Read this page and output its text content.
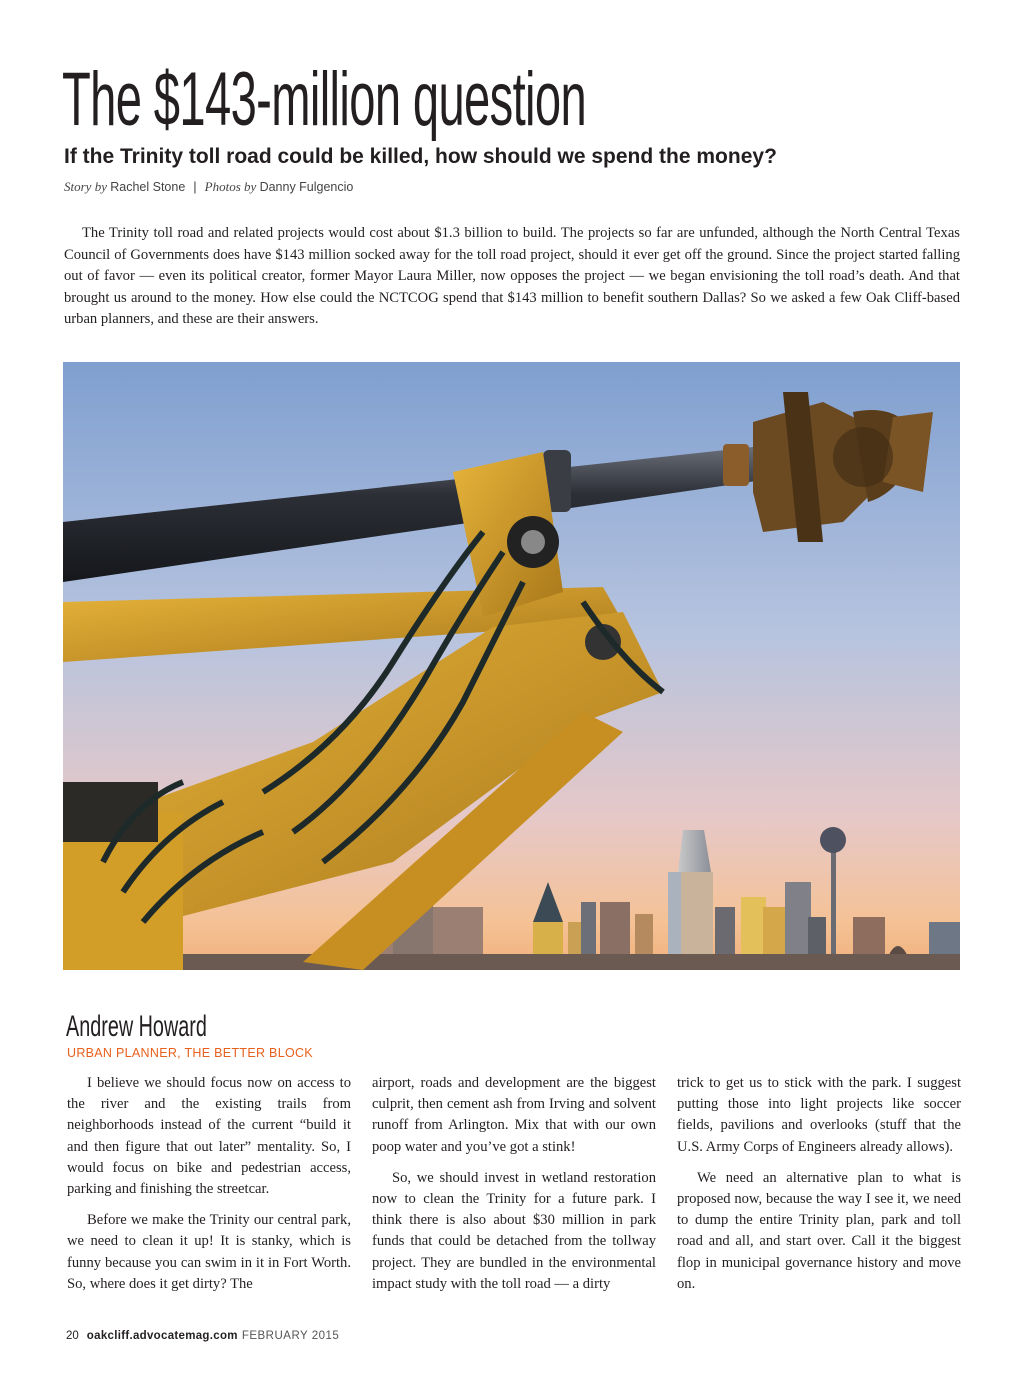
The $143-million question
If the Trinity toll road could be killed, how should we spend the money?
Story by Rachel Stone | Photos by Danny Fulgencio

The Trinity toll road and related projects would cost about $1.3 billion to build. The projects so far are unfunded, although the North Central Texas Council of Governments does have $143 million socked away for the toll road project, should it ever get off the ground. Since the project started falling out of favor — even its political creator, former Mayor Laura Miller, now opposes the project — we began envisioning the toll road’s death. And that brought us around to the money. How else could the NCTCOG spend that $143 million to benefit southern Dallas? So we asked a few Oak Cliff-based urban planners, and these are their answers.

Andrew Howard
URBAN PLANNER, THE BETTER BLOCK

I believe we should focus now on access to the river and the existing trails from neighborhoods instead of the current “build it and then figure that out later” mentality. So, I would focus on bike and pedestrian access, parking and finishing the streetcar.

Before we make the Trinity our central park, we need to clean it up! It is stanky, which is funny because you can swim in it in Fort Worth. So, where does it get dirty? The

airport, roads and development are the biggest culprit, then cement ash from Irving and solvent runoff from Arlington. Mix that with our own poop water and you’ve got a stink!

So, we should invest in wetland restoration now to clean the Trinity for a future park. I think there is also about $30 million in park funds that could be detached from the tollway project. They are bundled in the environmental impact study with the toll road — a dirty

trick to get us to stick with the park. I suggest putting those into light projects like soccer fields, pavilions and overlooks (stuff that the U.S. Army Corps of Engineers already allows).

We need an alternative plan to what is proposed now, because the way I see it, we need to dump the entire Trinity plan, park and toll road and all, and start over. Call it the biggest flop in municipal governance history and move on.

20 oakcliff.advocatemag.com FEBRUARY 2015
